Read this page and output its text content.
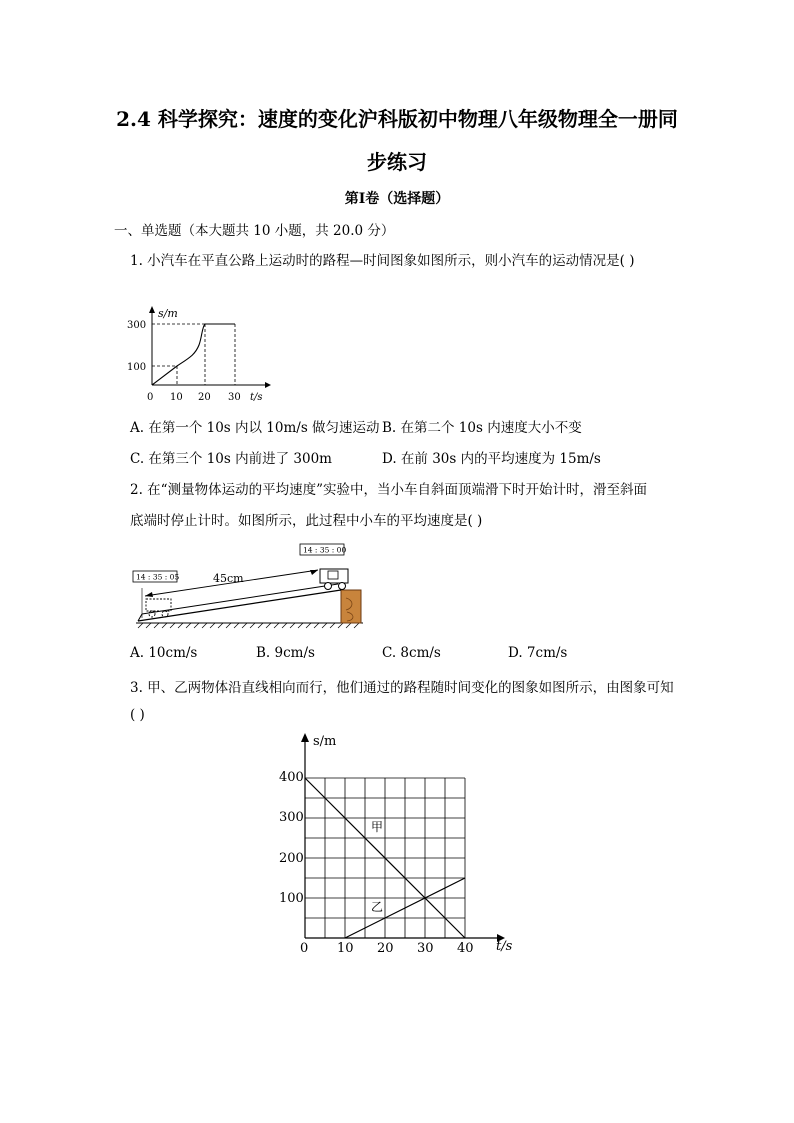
2.4 科学探究：速度的变化沪科版初中物理八年级物理全一册同
步练习
第Ⅰ卷（选择题）
一、单选题（本大题共 10 小题，共 20.0 分）
1. 小汽车在平直公路上运动时的路程—时间图象如图所示，则小汽车的运动情况是( )
s/m
300
100
0 10 20 30 t/s
A. 在第一个 10s 内以 10m/s 做匀速运动 B. 在第二个 10s 内速度大小不变
C. 在第三个 10s 内前进了 300m	D. 在前 30s 内的平均速度为 15m/s
2. 在“测量物体运动的平均速度”实验中，当小车自斜面顶端滑下时开始计时，滑至斜面
底端时停止计时。如图所示，此过程中小车的平均速度是( )
45cm
14 : 35 : 00
14 : 35 : 05
A. 10cm/s	B. 9cm/s	C. 8cm/s	D. 7cm/s
3. 甲、乙两物体沿直线相向而行，他们通过的路程随时间变化的图象如图所示，由图象可知
( )
s/m
400
300
200
100
0 10 20 30 40 t/s
甲
乙
